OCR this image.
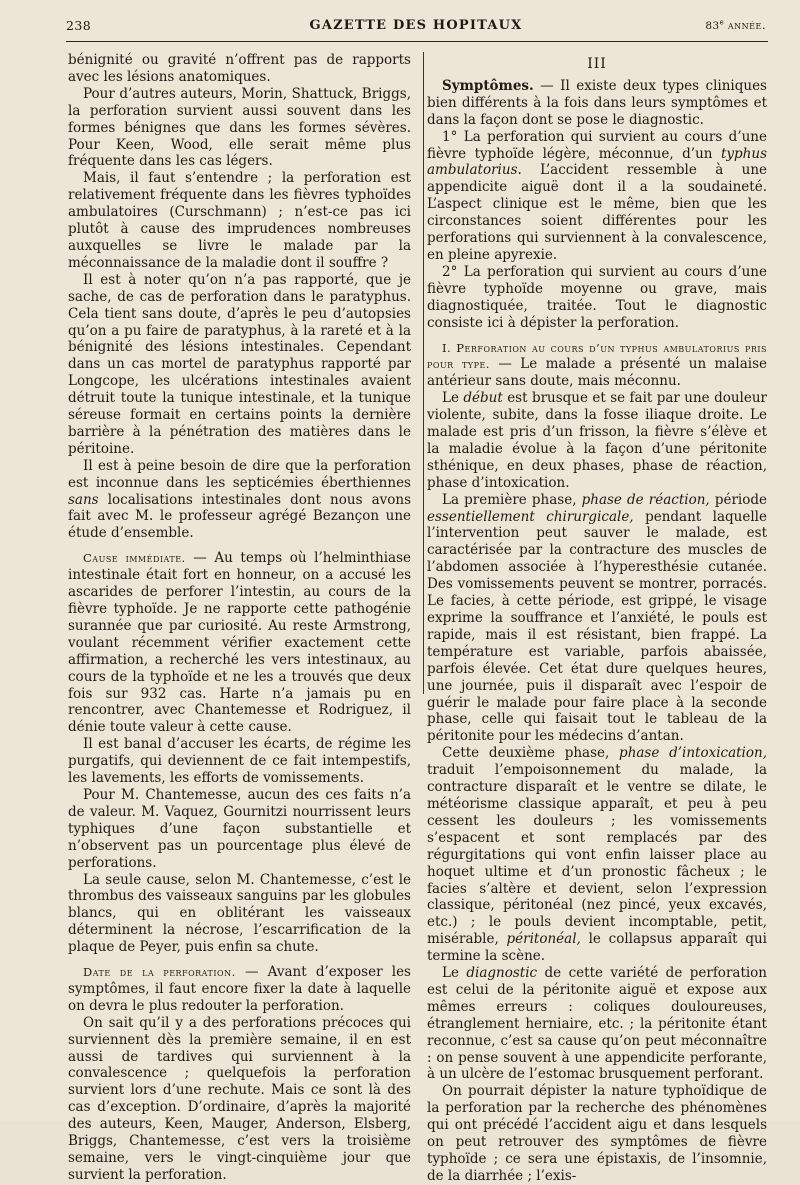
238	GAZETTE DES HOPITAUX	83e année.

bénignité ou gravité n’offrent pas de rapports avec les lésions anatomiques.

Pour d’autres auteurs, Morin, Shattuck, Briggs, la perforation survient aussi souvent dans les formes bénignes que dans les formes sévères. Pour Keen, Wood, elle serait même plus fréquente dans les cas légers.

Mais, il faut s’entendre ; la perforation est relativement fréquente dans les fièvres typhoïdes ambulatoires (Curschmann) ; n’est-ce pas ici plutôt à cause des imprudences nombreuses auxquelles se livre le malade par la méconnaissance de la maladie dont il souffre ?

Il est à noter qu’on n’a pas rapporté, que je sache, de cas de perforation dans le paratyphus. Cela tient sans doute, d’après le peu d’autopsies qu’on a pu faire de paratyphus, à la rareté et à la bénignité des lésions intestinales. Cependant dans un cas mortel de paratyphus rapporté par Longcope, les ulcérations intestinales avaient détruit toute la tunique intestinale, et la tunique séreuse formait en certains points la dernière barrière à la pénétration des matières dans le péritoine.

Il est à peine besoin de dire que la perforation est inconnue dans les septicémies éberthiennes sans localisations intestinales dont nous avons fait avec M. le professeur agrégé Bezançon une étude d’ensemble.

Cause immédiate. — Au temps où l’helminthiase intestinale était fort en honneur, on a accusé les ascarides de perforer l’intestin, au cours de la fièvre typhoïde. Je ne rapporte cette pathogénie surannée que par curiosité. Au reste Armstrong, voulant récemment vérifier exactement cette affirmation, a recherché les vers intestinaux, au cours de la typhoïde et ne les a trouvés que deux fois sur 932 cas. Harte n’a jamais pu en rencontrer, avec Chantemesse et Rodriguez, il dénie toute valeur à cette cause.

Il est banal d’accuser les écarts, de régime les purgatifs, qui deviennent de ce fait intempestifs, les lavements, les efforts de vomissements.

Pour M. Chantemesse, aucun des ces faits n’a de valeur. M. Vaquez, Gournitzi nourrissent leurs typhiques d’une façon substantielle et n’observent pas un pourcentage plus élevé de perforations.

La seule cause, selon M. Chantemesse, c’est le thrombus des vaisseaux sanguins par les globules blancs, qui en oblitérant les vaisseaux déterminent la nécrose, l’escarrification de la plaque de Peyer, puis enfin sa chute.

Date de la perforation. — Avant d’exposer les symptômes, il faut encore fixer la date à laquelle on devra le plus redouter la perforation.

On sait qu’il y a des perforations précoces qui surviennent dès la première semaine, il en est aussi de tardives qui surviennent à la convalescence ; quelquefois la perforation survient lors d’une rechute. Mais ce sont là des cas d’exception. D’ordinaire, d’après la majorité des auteurs, Keen, Mauger, Anderson, Elsberg, Briggs, Chantemesse, c’est vers la troisième semaine, vers le vingt-cinquième jour que survient la perforation.

III

Symptômes. — Il existe deux types cliniques bien différents à la fois dans leurs symptômes et dans la façon dont se pose le diagnostic.

1° La perforation qui survient au cours d’une fièvre typhoïde légère, méconnue, d’un typhus ambulatorius. L’accident ressemble à une appendicite aiguë dont il a la soudaineté. L’aspect clinique est le même, bien que les circonstances soient différentes pour les perforations qui surviennent à la convalescence, en pleine apyrexie.

2° La perforation qui survient au cours d’une fièvre typhoïde moyenne ou grave, mais diagnostiquée, traitée. Tout le diagnostic consiste ici à dépister la perforation.

I. Perforation au cours d’un typhus ambulatorius pris pour type. — Le malade a présenté un malaise antérieur sans doute, mais méconnu.

Le début est brusque et se fait par une douleur violente, subite, dans la fosse iliaque droite. Le malade est pris d’un frisson, la fièvre s’élève et la maladie évolue à la façon d’une péritonite sthénique, en deux phases, phase de réaction, phase d’intoxication.

La première phase, phase de réaction, période essentiellement chirurgicale, pendant laquelle l’intervention peut sauver le malade, est caractérisée par la contracture des muscles de l’abdomen associée à l’hyperesthésie cutanée. Des vomissements peuvent se montrer, porracés. Le facies, à cette période, est grippé, le visage exprime la souffrance et l’anxiété, le pouls est rapide, mais il est résistant, bien frappé. La température est variable, parfois abaissée, parfois élevée. Cet état dure quelques heures, une journée, puis il disparaît avec l’espoir de guérir le malade pour faire place à la seconde phase, celle qui faisait tout le tableau de la péritonite pour les médecins d’antan.

Cette deuxième phase, phase d’intoxication, traduit l’empoisonnement du malade, la contracture disparaît et le ventre se dilate, le météorisme classique apparaît, et peu à peu cessent les douleurs ; les vomissements s’espacent et sont remplacés par des régurgitations qui vont enfin laisser place au hoquet ultime et d’un pronostic fâcheux ; le facies s’altère et devient, selon l’expression classique, péritonéal (nez pincé, yeux excavés, etc.) ; le pouls devient incomptable, petit, misérable, péritonéal, le collapsus apparaît qui termine la scène.

Le diagnostic de cette variété de perforation est celui de la péritonite aiguë et expose aux mêmes erreurs : coliques douloureuses, étranglement herniaire, etc. ; la péritonite étant reconnue, c’est sa cause qu’on peut méconnaître : on pense souvent à une appendicite perforante, à un ulcère de l’estomac brusquement perforant.

On pourrait dépister la nature typhoïdique de la perforation par la recherche des phénomènes qui ont précédé l’accident aigu et dans lesquels on peut retrouver des symptômes de fièvre typhoïde ; ce sera une épistaxis, de l’insomnie, de la diarrhée ; l’exis-
